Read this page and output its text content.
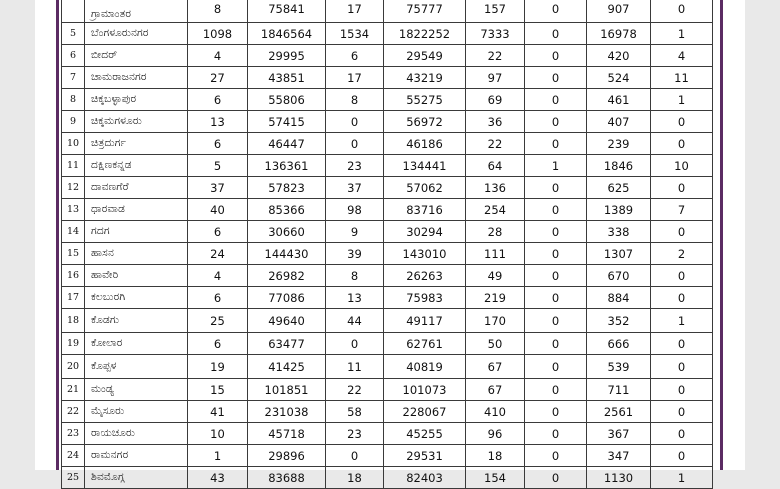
	ಗ್ರಾಮಾಂತರ	8	75841	17	75777	157	0	907	0
5	ಬೆಂಗಳೂರುನಗರ	1098	1846564	1534	1822252	7333	0	16978	1
6	ಬೀದರ್	4	29995	6	29549	22	0	420	4
7	ಚಾಮರಾಜನಗರ	27	43851	17	43219	97	0	524	11
8	ಚಿಕ್ಕಬಳ್ಳಾಪುರ	6	55806	8	55275	69	0	461	1
9	ಚಿಕ್ಕಮಗಳೂರು	13	57415	0	56972	36	0	407	0
10	ಚಿತ್ರದುರ್ಗ	6	46447	0	46186	22	0	239	0
11	ದಕ್ಷಿಣಕನ್ನಡ	5	136361	23	134441	64	1	1846	10
12	ದಾವಣಗೆರೆ	37	57823	37	57062	136	0	625	0
13	ಧಾರವಾಡ	40	85366	98	83716	254	0	1389	7
14	ಗದಗ	6	30660	9	30294	28	0	338	0
15	ಹಾಸನ	24	144430	39	143010	111	0	1307	2
16	ಹಾವೇರಿ	4	26982	8	26263	49	0	670	0
17	ಕಲಬುರಗಿ	6	77086	13	75983	219	0	884	0
18	ಕೊಡಗು	25	49640	44	49117	170	0	352	1
19	ಕೋಲಾರ	6	63477	0	62761	50	0	666	0
20	ಕೊಪ್ಪಳ	19	41425	11	40819	67	0	539	0
21	ಮಂಡ್ಯ	15	101851	22	101073	67	0	711	0
22	ಮೈಸೂರು	41	231038	58	228067	410	0	2561	0
23	ರಾಯಚೂರು	10	45718	23	45255	96	0	367	0
24	ರಾಮನಗರ	1	29896	0	29531	18	0	347	0
25	ಶಿವಮೊಗ್ಗ	43	83688	18	82403	154	0	1130	1
